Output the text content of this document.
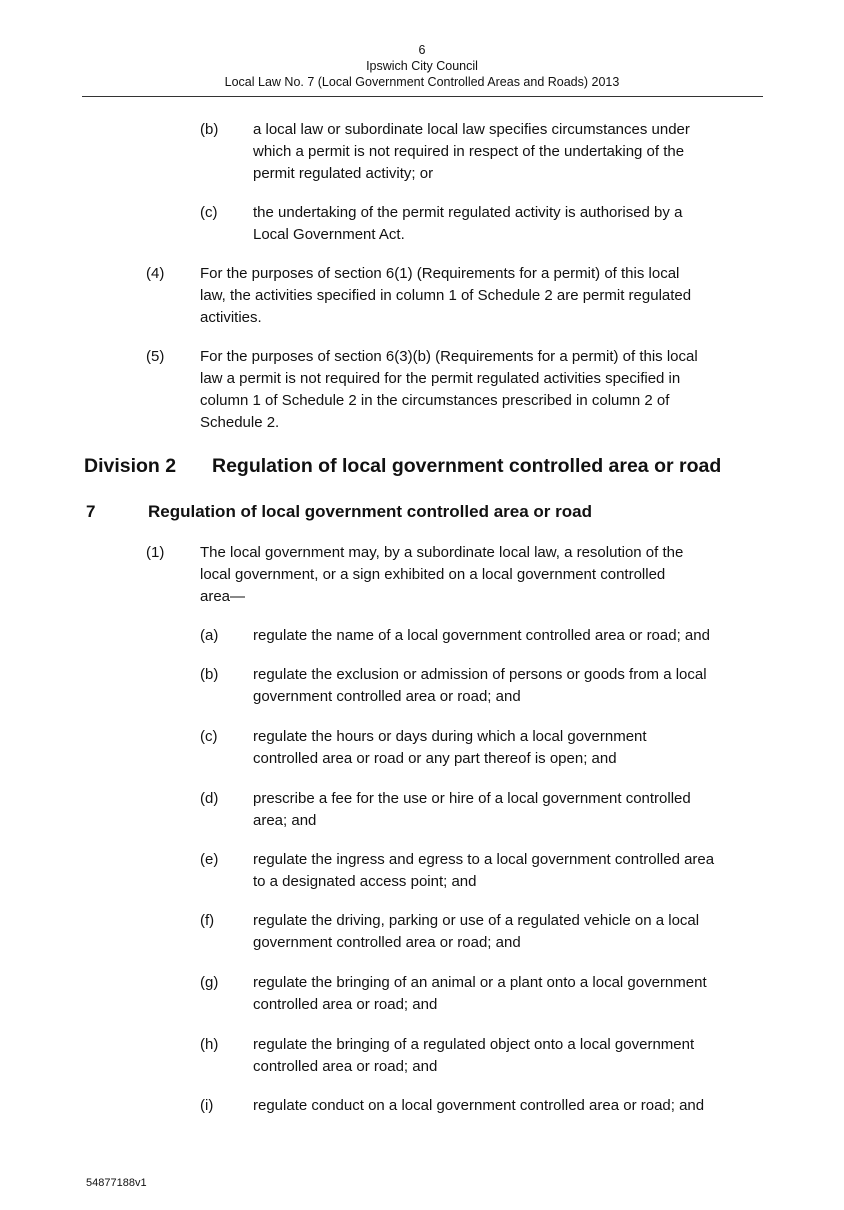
6
Ipswich City Council
Local Law No. 7 (Local Government Controlled Areas and Roads) 2013
(b) a local law or subordinate local law specifies circumstances under
which a permit is not required in respect of the undertaking of the
permit regulated activity; or
(c) the undertaking of the permit regulated activity is authorised by a
Local Government Act.
(4) For the purposes of section 6(1) (Requirements for a permit) of this local
law, the activities specified in column 1 of Schedule 2 are permit regulated
activities.
(5) For the purposes of section 6(3)(b) (Requirements for a permit) of this local
law a permit is not required for the permit regulated activities specified in
column 1 of Schedule 2 in the circumstances prescribed in column 2 of
Schedule 2.
Division 2 Regulation of local government controlled area or road
7	Regulation of local government controlled area or road
(1) The local government may, by a subordinate local law, a resolution of the
local government, or a sign exhibited on a local government controlled
area—
(a) regulate the name of a local government controlled area or road; and
(b) regulate the exclusion or admission of persons or goods from a local
government controlled area or road; and
(c) regulate the hours or days during which a local government
controlled area or road or any part thereof is open; and
(d) prescribe a fee for the use or hire of a local government controlled
area; and
(e) regulate the ingress and egress to a local government controlled area
to a designated access point; and
(f)	regulate the driving, parking or use of a regulated vehicle on a local
government controlled area or road; and
(g) regulate the bringing of an animal or a plant onto a local government
controlled area or road; and
(h) regulate the bringing of a regulated object onto a local government
controlled area or road; and
(i)	regulate conduct on a local government controlled area or road; and
54877188v1
